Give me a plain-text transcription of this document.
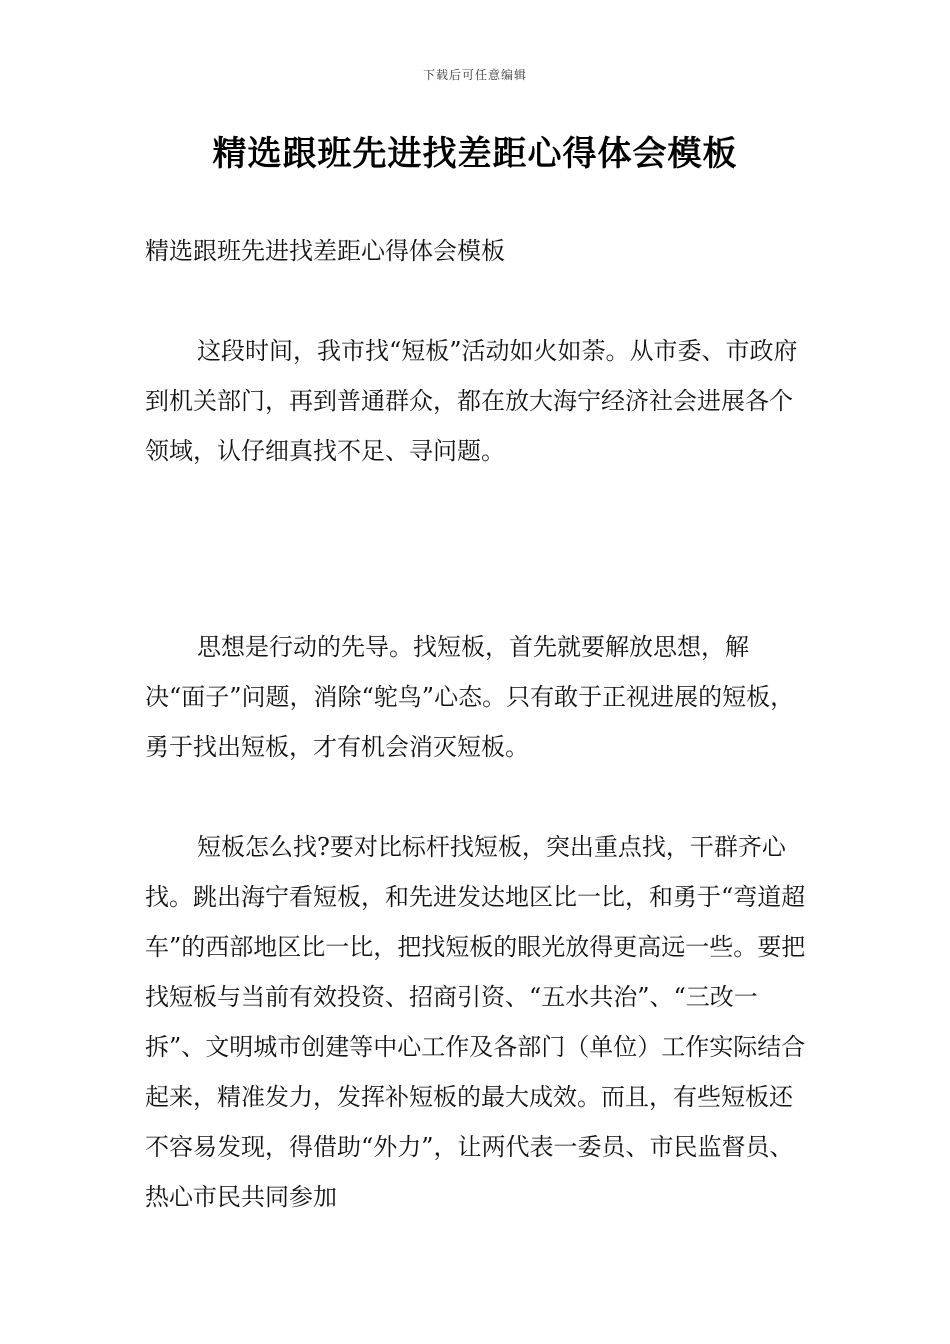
下载后可任意编辑
精选跟班先进找差距心得体会模板

精选跟班先进找差距心得体会模板

这段时间，我市找“短板”活动如火如荼。从市委、市政府到机关部门，再到普通群众，都在放大海宁经济社会进展各个领域，认仔细真找不足、寻问题。

思想是行动的先导。找短板，首先就要解放思想，解决“面子”问题，消除“鸵鸟”心态。只有敢于正视进展的短板，勇于找出短板，才有机会消灭短板。

短板怎么找?要对比标杆找短板，突出重点找，干群齐心找。跳出海宁看短板，和先进发达地区比一比，和勇于“弯道超车”的西部地区比一比，把找短板的眼光放得更高远一些。要把找短板与当前有效投资、招商引资、“五水共治”、“三改一拆”、文明城市创建等中心工作及各部门（单位）工作实际结合起来，精准发力，发挥补短板的最大成效。而且，有些短板还不容易发现，得借助“外力”，让两代表一委员、市民监督员、热心市民共同参加
